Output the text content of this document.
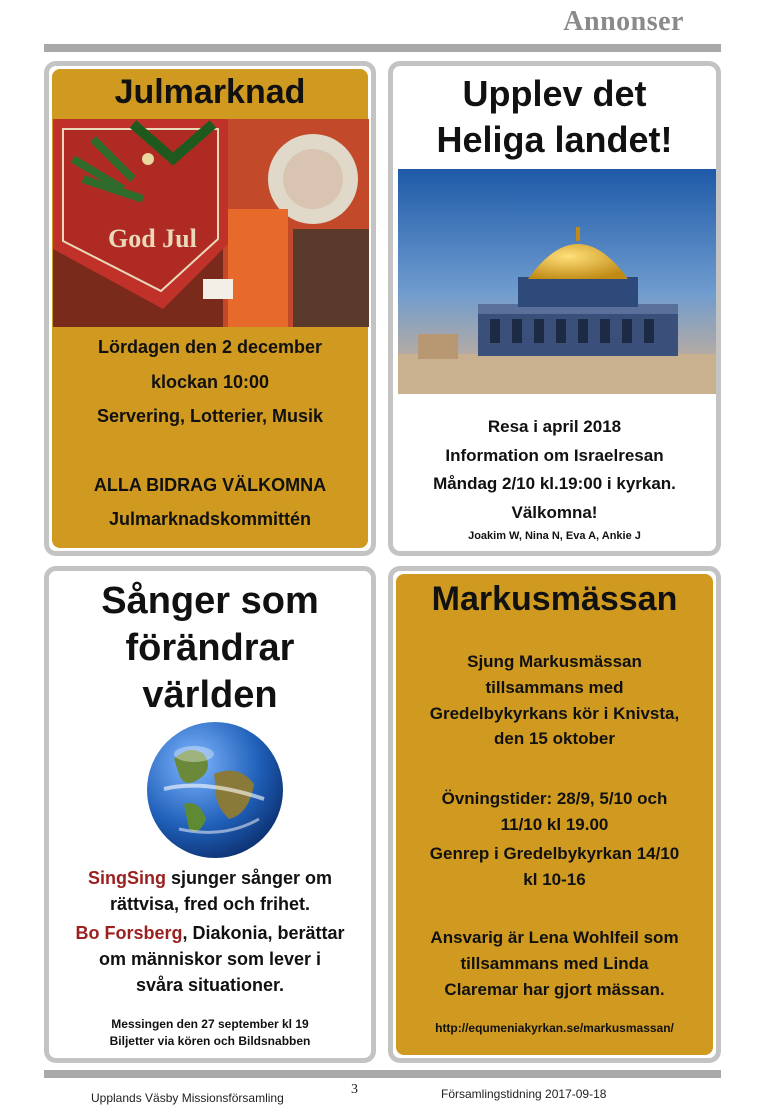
Annonser
Julmarknad
God Jul
Lördagen den 2 december
klockan 10:00
Servering, Lotterier, Musik
ALLA BIDRAG VÄLKOMNA
Julmarknadskommittén
Upplev det
Heliga landet!
Resa i april 2018
Information om Israelresan
Måndag 2/10 kl.19:00 i kyrkan.
Välkomna!
Joakim W, Nina N, Eva A, Ankie J
Sånger som
förändrar
världen
SingSing sjunger sånger om
rättvisa, fred och frihet.
Bo Forsberg, Diakonia, berättar
om människor som lever i
svåra situationer.
Messingen den 27 september kl 19
Biljetter via kören och Bildsnabben
Markusmässan
Sjung Markusmässan
tillsammans med
Gredelbykyrkans kör i Knivsta,
den 15 oktober
Övningstider: 28/9, 5/10 och
11/10 kl 19.00
Genrep i Gredelbykyrkan 14/10
kl 10-16
Ansvarig är Lena Wohlfeil som
tillsammans med Linda
Claremar har gjort mässan.
http://equmeniakyrkan.se/markusmassan/
Upplands Väsby Missionsförsamling
3	Församlingstidning 2017-09-18
